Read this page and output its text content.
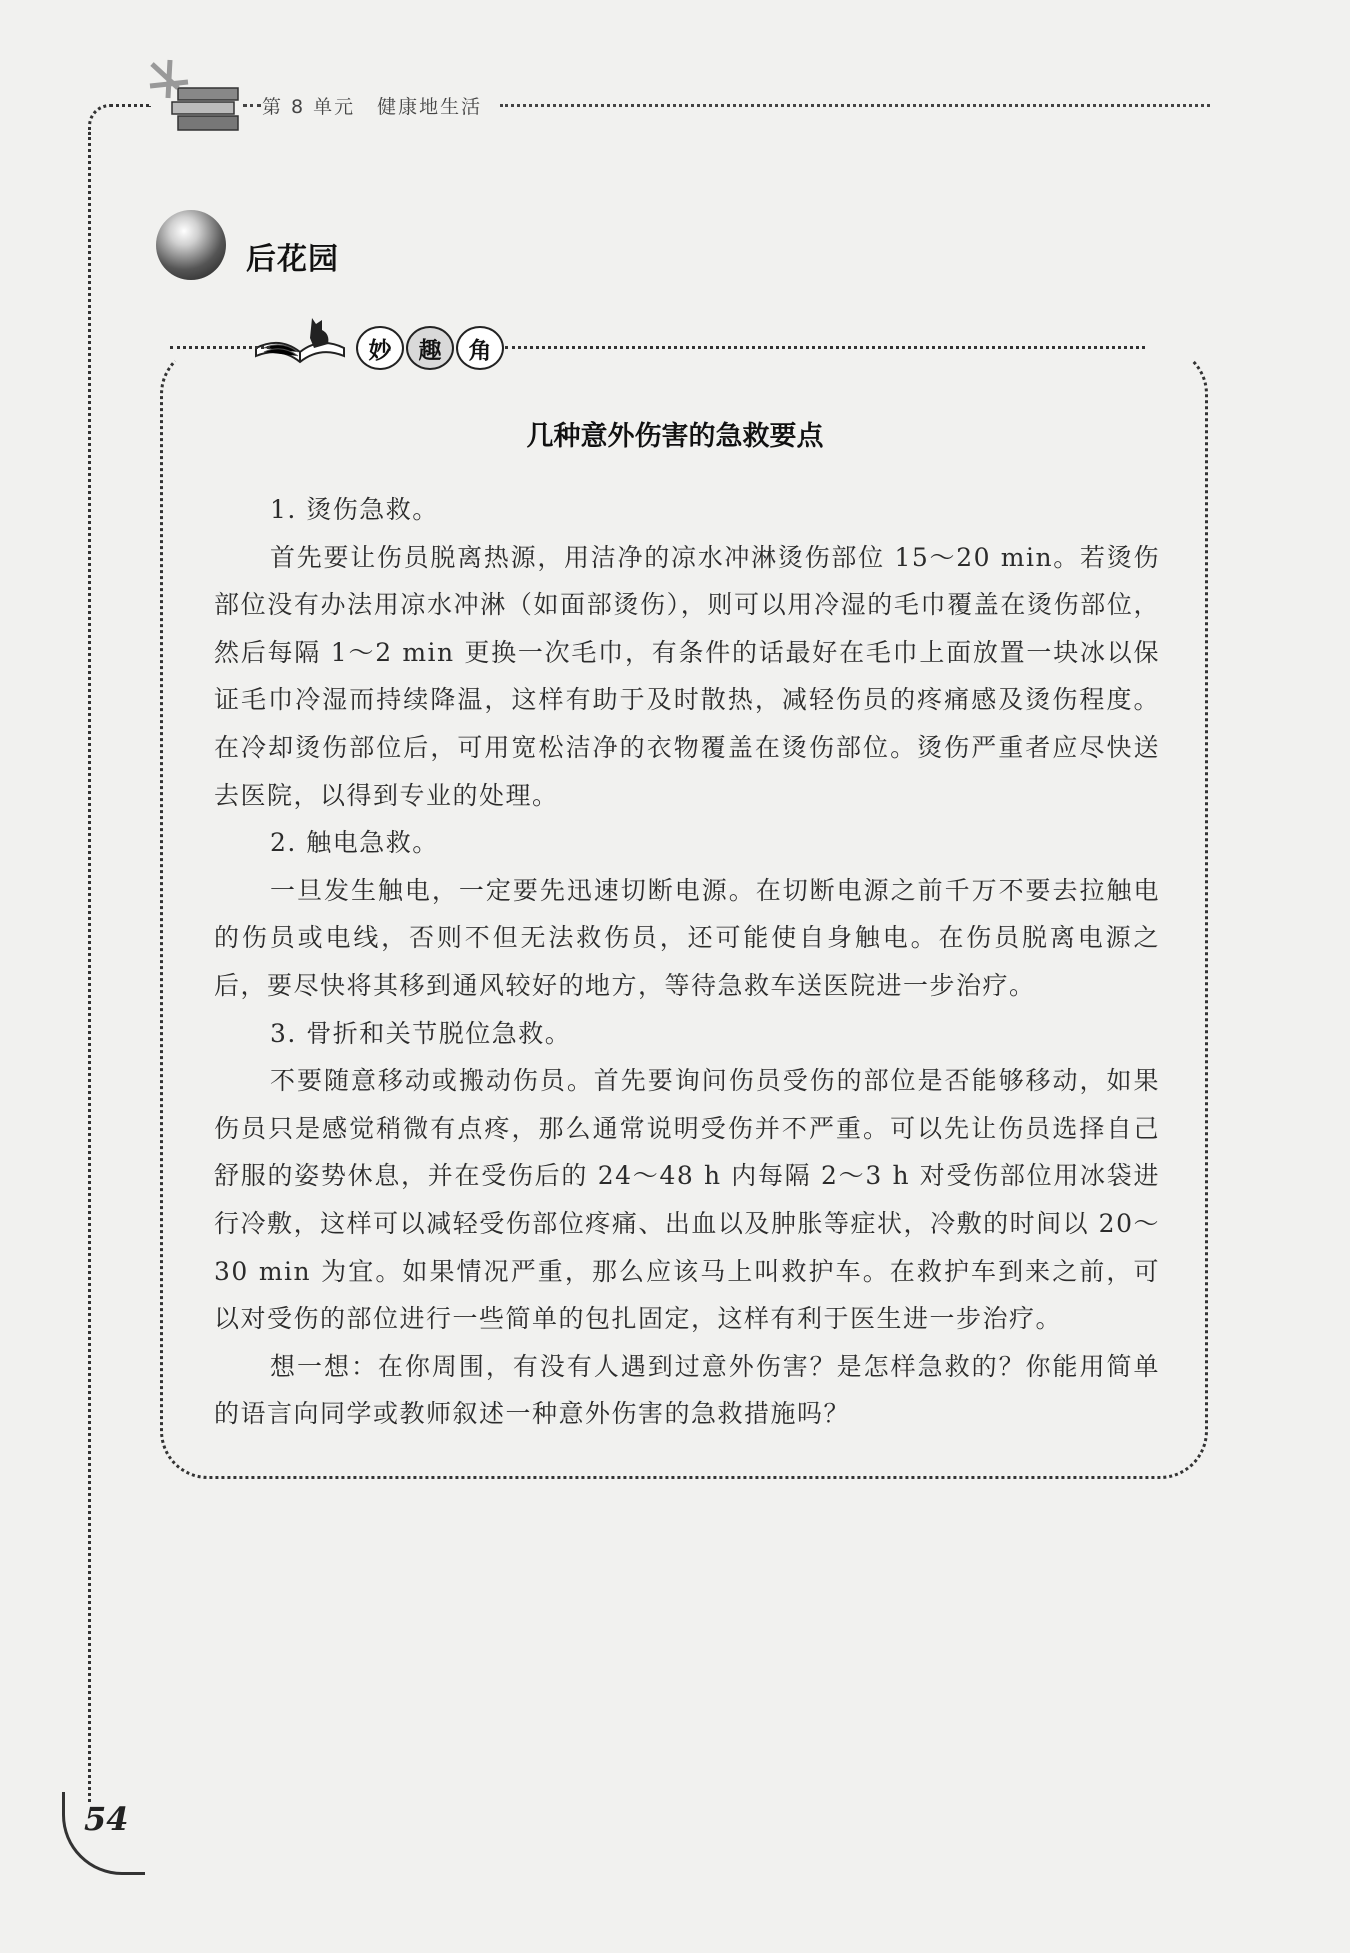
第 8 单元 健康地生活
后花园
妙	趣	角
几种意外伤害的急救要点

1. 烫伤急救。

首先要让伤员脱离热源，用洁净的凉水冲淋烫伤部位 15～20 min。若烫伤部位没有办法用凉水冲淋（如面部烫伤），则可以用冷湿的毛巾覆盖在烫伤部位，然后每隔 1～2 min 更换一次毛巾，有条件的话最好在毛巾上面放置一块冰以保证毛巾冷湿而持续降温，这样有助于及时散热，减轻伤员的疼痛感及烫伤程度。在冷却烫伤部位后，可用宽松洁净的衣物覆盖在烫伤部位。烫伤严重者应尽快送去医院，以得到专业的处理。

2. 触电急救。

一旦发生触电，一定要先迅速切断电源。在切断电源之前千万不要去拉触电的伤员或电线，否则不但无法救伤员，还可能使自身触电。在伤员脱离电源之后，要尽快将其移到通风较好的地方，等待急救车送医院进一步治疗。

3. 骨折和关节脱位急救。

不要随意移动或搬动伤员。首先要询问伤员受伤的部位是否能够移动，如果伤员只是感觉稍微有点疼，那么通常说明受伤并不严重。可以先让伤员选择自己舒服的姿势休息，并在受伤后的 24～48 h 内每隔 2～3 h 对受伤部位用冰袋进行冷敷，这样可以减轻受伤部位疼痛、出血以及肿胀等症状，冷敷的时间以 20～30 min 为宜。如果情况严重，那么应该马上叫救护车。在救护车到来之前，可以对受伤的部位进行一些简单的包扎固定，这样有利于医生进一步治疗。

想一想：在你周围，有没有人遇到过意外伤害？是怎样急救的？你能用简单的语言向同学或教师叙述一种意外伤害的急救措施吗？

54
